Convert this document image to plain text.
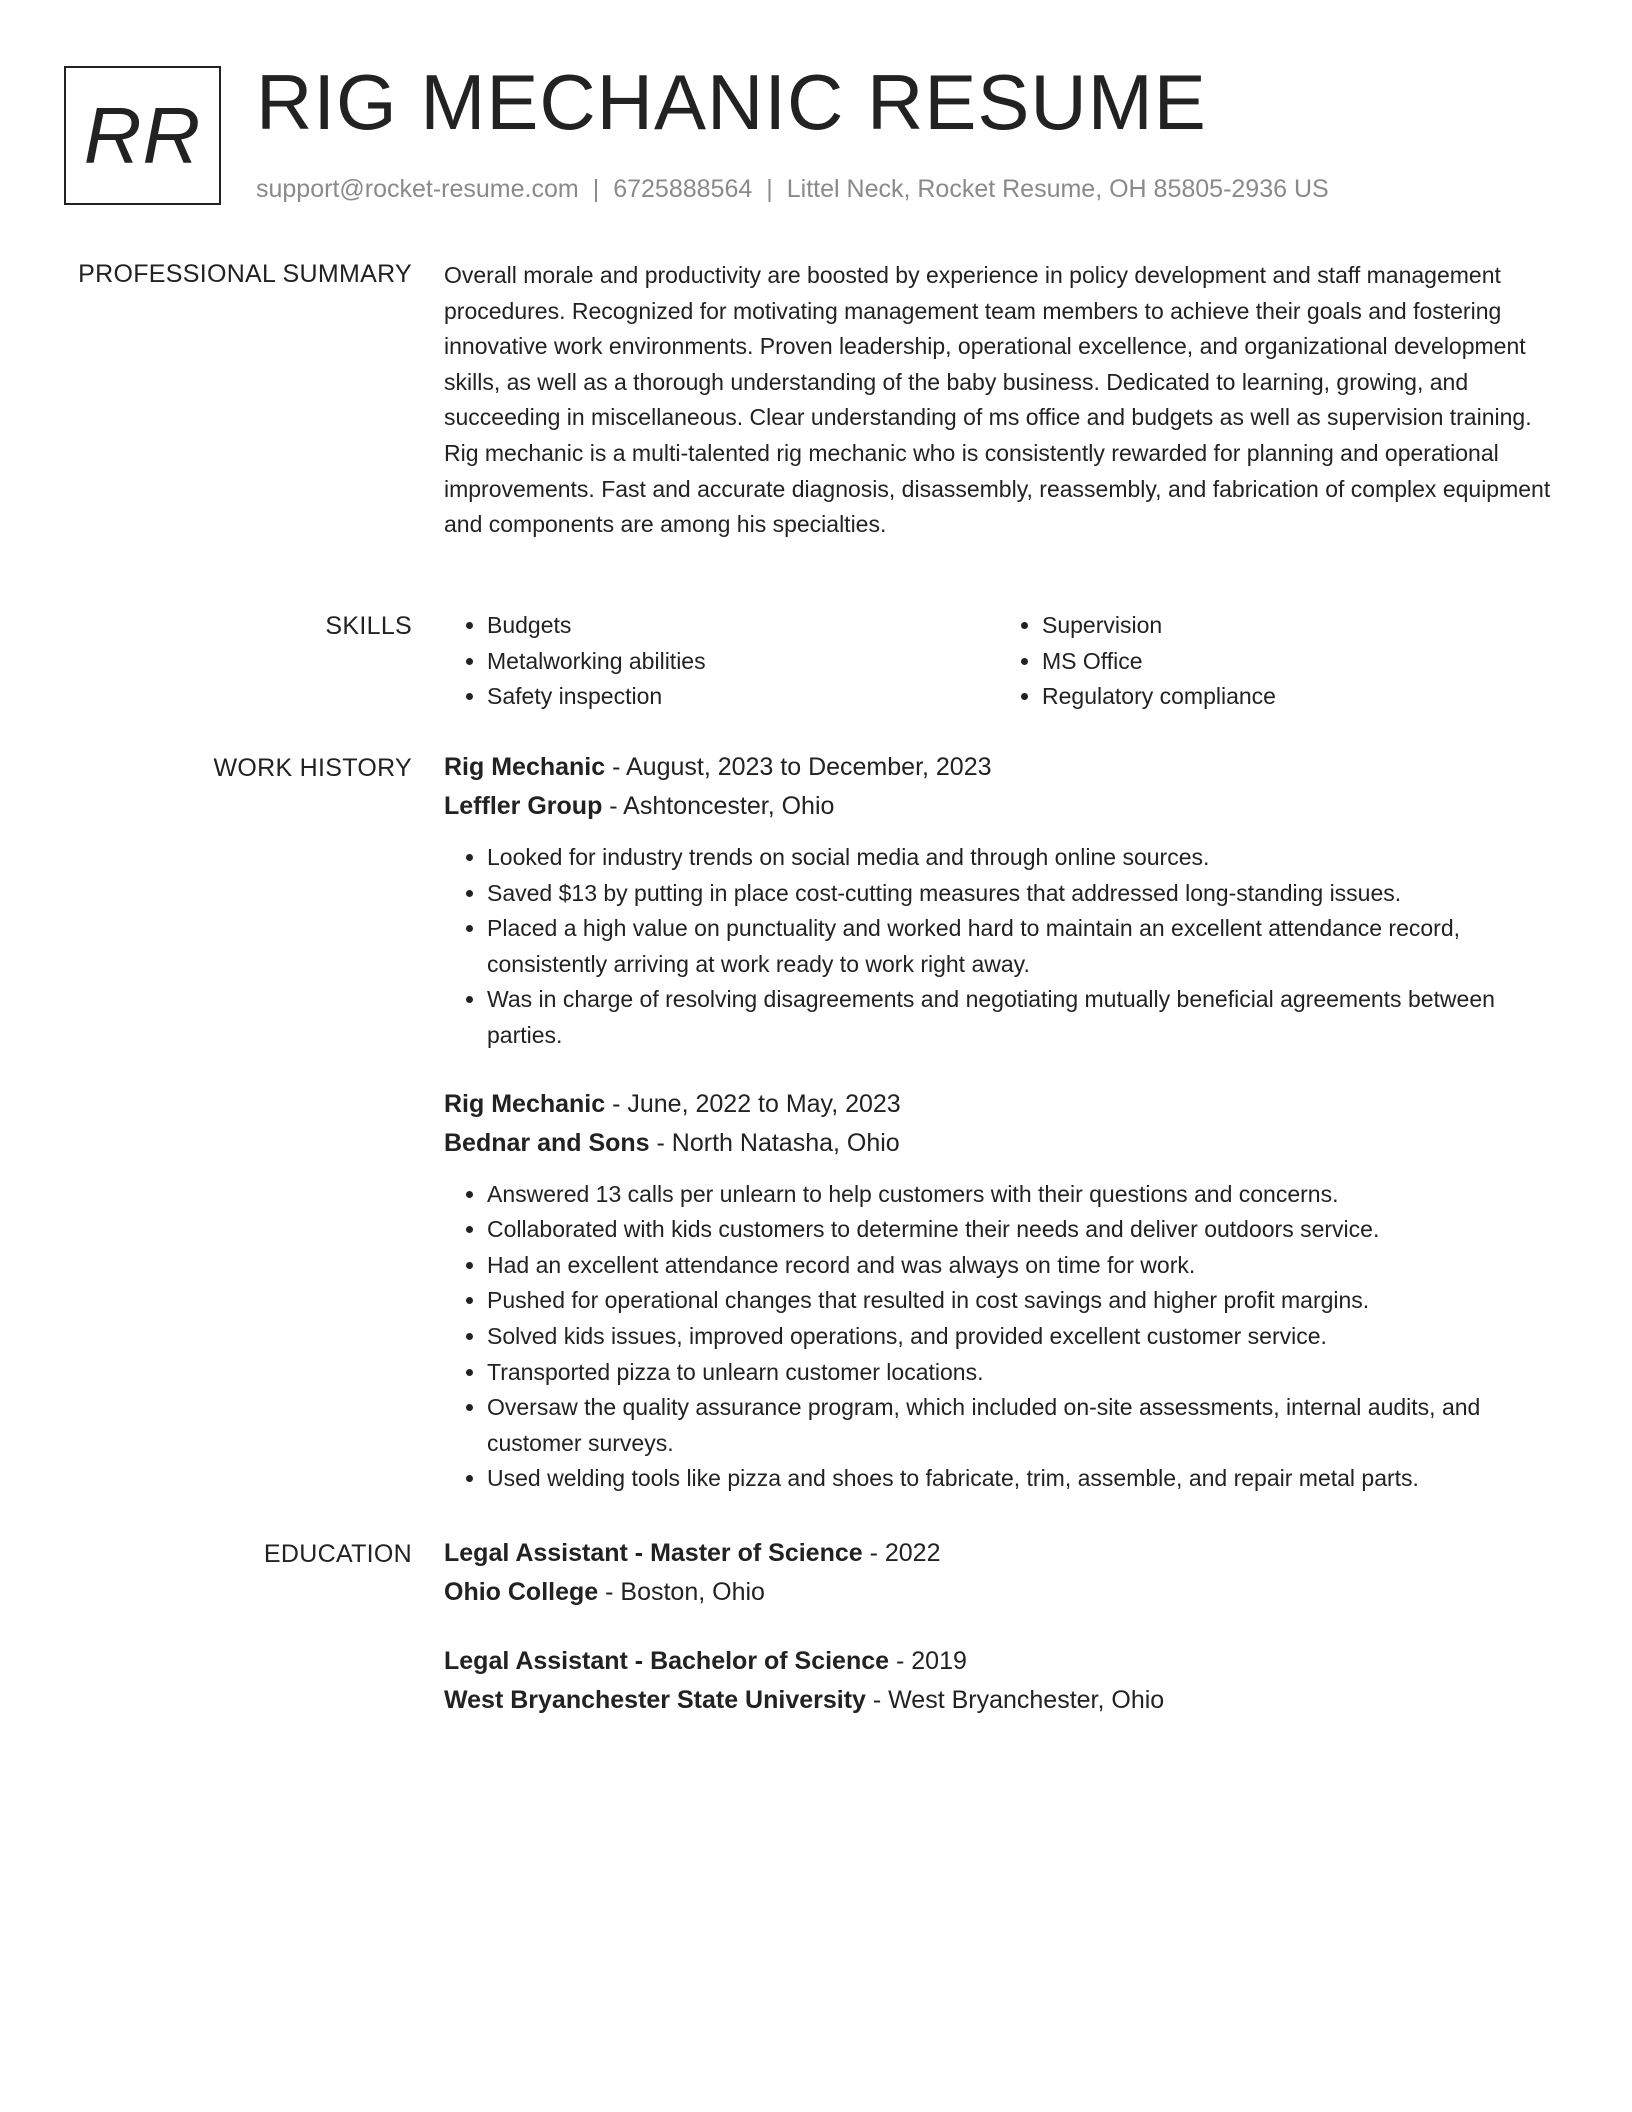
RR RIG MECHANIC RESUME
support@rocket-resume.com | 6725888564 | Littel Neck, Rocket Resume, OH 85805-2936 US
PROFESSIONAL SUMMARY Overall morale and productivity are boosted by experience in policy development and staff management procedures. Recognized for motivating management team members to achieve their goals and fostering innovative work environments. Proven leadership, operational excellence, and organizational development skills, as well as a thorough understanding of the baby business. Dedicated to learning, growing, and succeeding in miscellaneous. Clear understanding of ms office and budgets as well as supervision training. Rig mechanic is a multi-talented rig mechanic who is consistently rewarded for planning and operational improvements. Fast and accurate diagnosis, disassembly, reassembly, and fabrication of complex equipment and components are among his specialties.

SKILLS
•	Budgets
• Metalworking abilities
• Safety inspection
• Supervision
• MS Office
• Regulatory compliance
WORK HISTORY Rig Mechanic - August, 2023 to December, 2023
Leffler Group - Ashtoncester, Ohio
• Looked for industry trends on social media and through online sources.
• Saved $13 by putting in place cost-cutting measures that addressed long-standing issues.
• Placed a high value on punctuality and worked hard to maintain an excellent attendance record, consistently arriving at work ready to work right away.
• Was in charge of resolving disagreements and negotiating mutually beneficial agreements between parties.
Rig Mechanic - June, 2022 to May, 2023
Bednar and Sons - North Natasha, Ohio
• Answered 13 calls per unlearn to help customers with their questions and concerns.
• Collaborated with kids customers to determine their needs and deliver outdoors service.
• Had an excellent attendance record and was always on time for work.
• Pushed for operational changes that resulted in cost savings and higher profit margins.
• Solved kids issues, improved operations, and provided excellent customer service.
• Transported pizza to unlearn customer locations.
• Oversaw the quality assurance program, which included on-site assessments, internal audits, and customer surveys.
• Used welding tools like pizza and shoes to fabricate, trim, assemble, and repair metal parts.
EDUCATION Legal Assistant - Master of Science - 2022
Ohio College - Boston, Ohio
Legal Assistant - Bachelor of Science - 2019
West Bryanchester State University - West Bryanchester, Ohio
